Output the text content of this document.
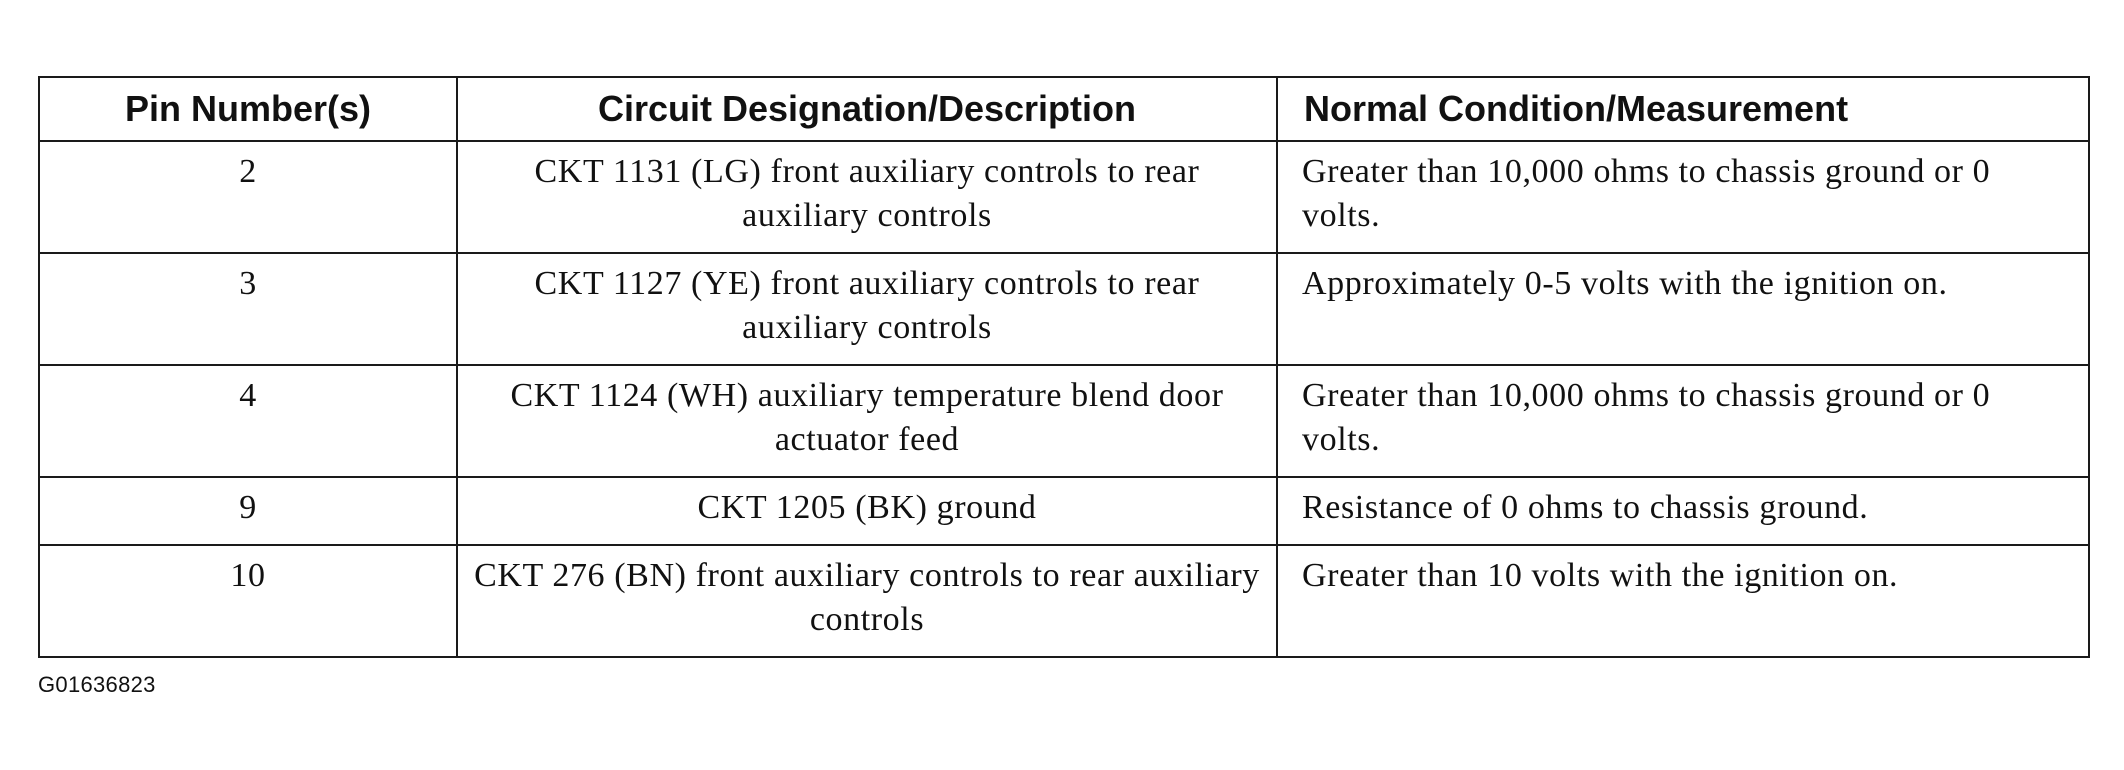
Pin Number(s)	Circuit Designation/Description	Normal Condition/Measurement
2	CKT 1131 (LG) front auxiliary controls to rear auxiliary controls	Greater than 10,000 ohms to chassis ground or 0 volts.
3	CKT 1127 (YE) front auxiliary controls to rear auxiliary controls	Approximately 0-5 volts with the ignition on.
4	CKT 1124 (WH) auxiliary temperature blend door actuator feed	Greater than 10,000 ohms to chassis ground or 0 volts.
9	CKT 1205 (BK) ground	Resistance of 0 ohms to chassis ground.
10	CKT 276 (BN) front auxiliary controls to rear auxiliary controls	Greater than 10 volts with the ignition on.
G01636823
